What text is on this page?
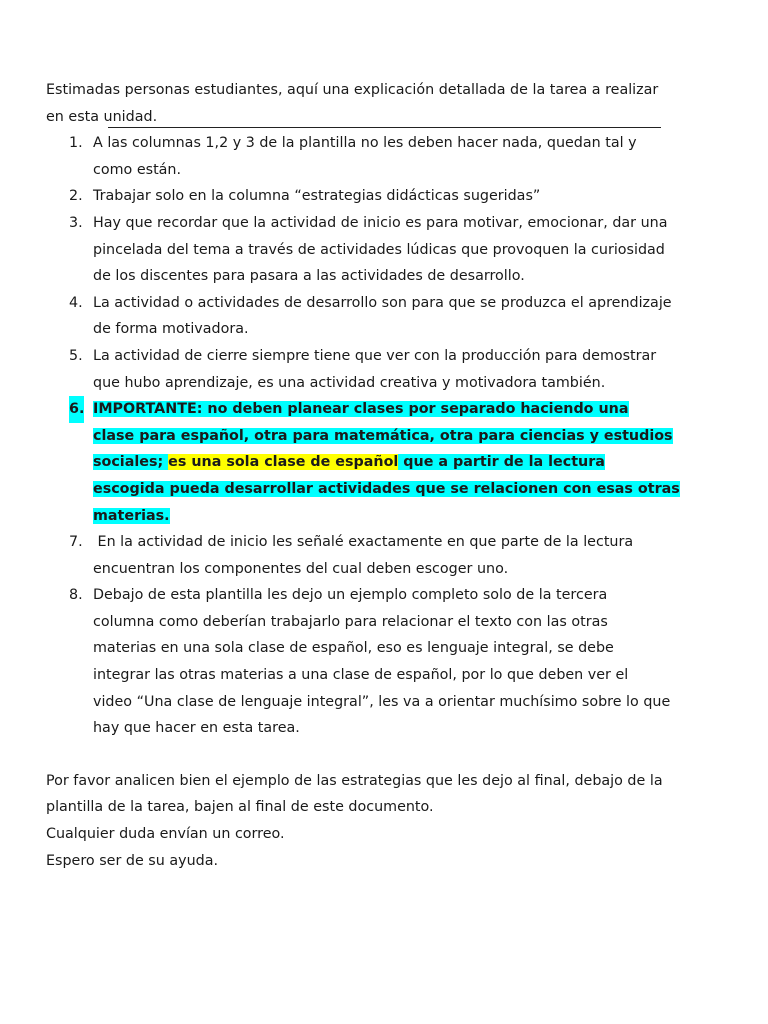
Estimadas personas estudiantes, aquí una explicación detallada de la tarea a realizar
en esta unidad.
1. A las columnas 1,2 y 3 de la plantilla no les deben hacer nada, quedan tal y
como están.
2. Trabajar solo en la columna “estrategias didácticas sugeridas”
3. Hay que recordar que la actividad de inicio es para motivar, emocionar, dar una
pincelada del tema a través de actividades lúdicas que provoquen la curiosidad
de los discentes para pasara a las actividades de desarrollo.
4. La actividad o actividades de desarrollo son para que se produzca el aprendizaje
de forma motivadora.
5. La actividad de cierre siempre tiene que ver con la producción para demostrar
que hubo aprendizaje, es una actividad creativa y motivadora también.
6. IMPORTANTE: no deben planear clases por separado haciendo una
clase para español, otra para matemática, otra para ciencias y estudios
sociales; es una sola clase de español que a partir de la lectura
escogida pueda desarrollar actividades que se relacionen con esas otras
materias.
7. En la actividad de inicio les señalé exactamente en que parte de la lectura
encuentran los componentes del cual deben escoger uno.
8. Debajo de esta plantilla les dejo un ejemplo completo solo de la tercera
columna como deberían trabajarlo para relacionar el texto con las otras
materias en una sola clase de español, eso es lenguaje integral, se debe
integrar las otras materias a una clase de español, por lo que deben ver el
video “Una clase de lenguaje integral”, les va a orientar muchísimo sobre lo que
hay que hacer en esta tarea.
Por favor analicen bien el ejemplo de las estrategias que les dejo al final, debajo de la
plantilla de la tarea, bajen al final de este documento.
Cualquier duda envían un correo.
Espero ser de su ayuda.
